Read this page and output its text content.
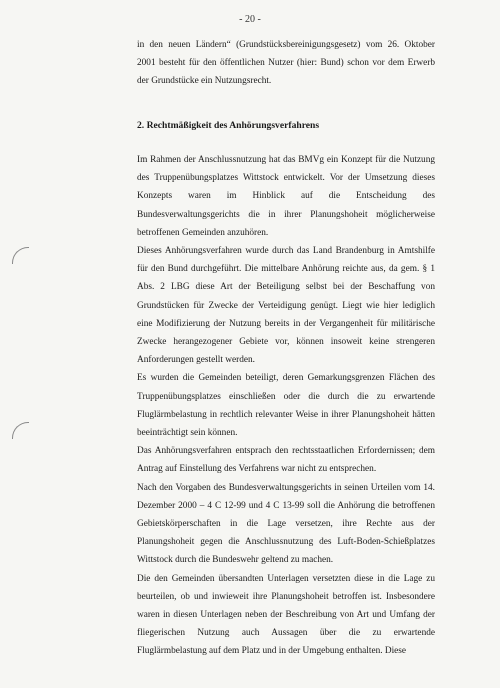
- 20 -

in den neuen Ländern“ (Grundstücksbereinigungsgesetz) vom 26. Oktober 2001 besteht für den öffentlichen Nutzer (hier: Bund) schon vor dem Erwerb der Grundstücke ein Nutzungsrecht.

2. Rechtmäßigkeit des Anhörungsverfahrens

Im Rahmen der Anschlussnutzung hat das BMVg ein Konzept für die Nutzung des Truppenübungsplatzes Wittstock entwickelt. Vor der Umsetzung dieses Konzepts waren im Hinblick auf die Entscheidung des Bundesverwaltungsgerichts die in ihrer Planungshoheit möglicherweise betroffenen Gemeinden anzuhören.

Dieses Anhörungsverfahren wurde durch das Land Brandenburg in Amtshilfe für den Bund durchgeführt. Die mittelbare Anhörung reichte aus, da gem. § 1 Abs. 2 LBG diese Art der Beteiligung selbst bei der Beschaffung von Grundstücken für Zwecke der Verteidigung genügt. Liegt wie hier lediglich eine Modifizierung der Nutzung bereits in der Vergangenheit für militärische Zwecke herangezogener Gebiete vor, können insoweit keine strengeren Anforderungen gestellt werden.

Es wurden die Gemeinden beteiligt, deren Gemarkungsgrenzen Flächen des Truppenübungsplatzes einschließen oder die durch die zu erwartende Fluglärmbelastung in rechtlich relevanter Weise in ihrer Planungshoheit hätten beeinträchtigt sein können.

Das Anhörungsverfahren entsprach den rechtsstaatlichen Erfordernissen; dem Antrag auf Einstellung des Verfahrens war nicht zu entsprechen.

Nach den Vorgaben des Bundesverwaltungsgerichts in seinen Urteilen vom 14. Dezember 2000 – 4 C 12-99 und 4 C 13-99 soll die Anhörung die betroffenen Gebietskörperschaften in die Lage versetzen, ihre Rechte aus der Planungshoheit gegen die Anschlussnutzung des Luft-Boden-Schießplatzes Wittstock durch die Bundeswehr geltend zu machen.

Die den Gemeinden übersandten Unterlagen versetzten diese in die Lage zu beurteilen, ob und inwieweit ihre Planungshoheit betroffen ist. Insbesondere waren in diesen Unterlagen neben der Beschreibung von Art und Umfang der fliegerischen Nutzung auch Aussagen über die zu erwartende Fluglärmbelastung auf dem Platz und in der Umgebung enthalten. Diese
